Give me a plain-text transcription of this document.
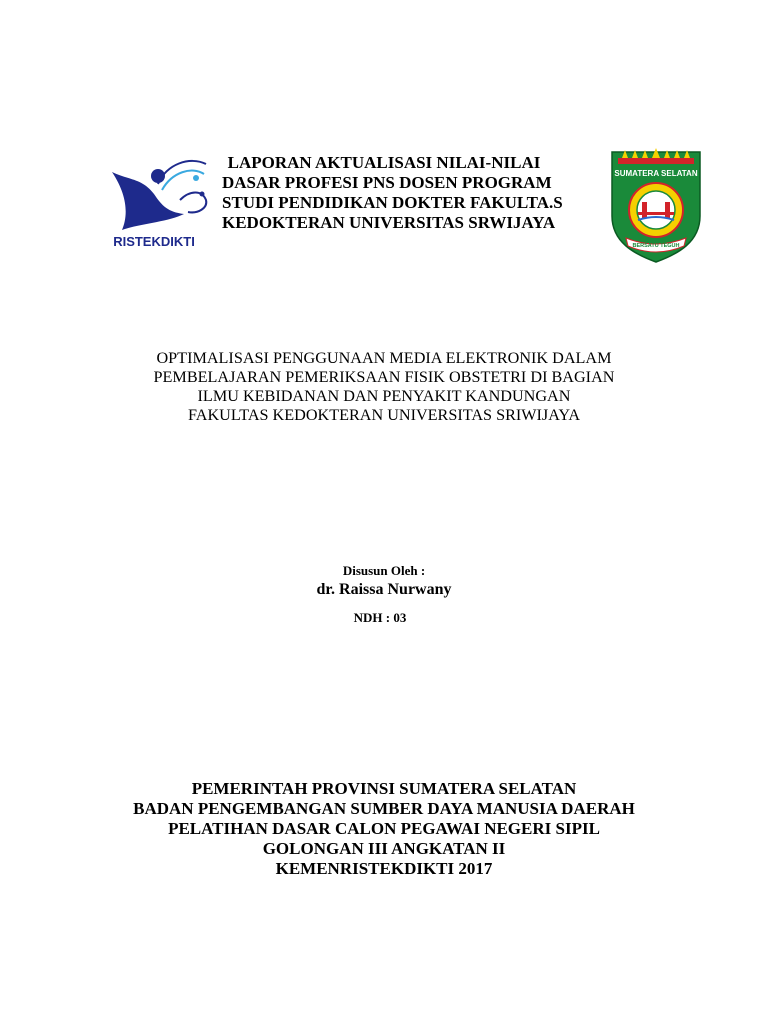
RISTEKDIKTI
LAPORAN AKTUALISASI NILAI-NILAI
DASAR PROFESI PNS DOSEN PROGRAM
STUDI PENDIDIKAN DOKTER FAKULTA.S
KEDOKTERAN UNIVERSITAS SRWIJAYA
SUMATERA SELATAN
BERSATU TEGUH
OPTIMALISASI PENGGUNAAN MEDIA ELEKTRONIK DALAM
PEMBELAJARAN PEMERIKSAAN FISIK OBSTETRI DI BAGIAN
ILMU KEBIDANAN DAN PENYAKIT KANDUNGAN
FAKULTAS KEDOKTERAN UNIVERSITAS SRIWIJAYA
Disusun Oleh :
dr. Raissa Nurwany
NDH : 03
PEMERINTAH PROVINSI SUMATERA SELATAN
BADAN PENGEMBANGAN SUMBER DAYA MANUSIA DAERAH
PELATIHAN DASAR CALON PEGAWAI NEGERI SIPIL
GOLONGAN III ANGKATAN II
KEMENRISTEKDIKTI 2017
